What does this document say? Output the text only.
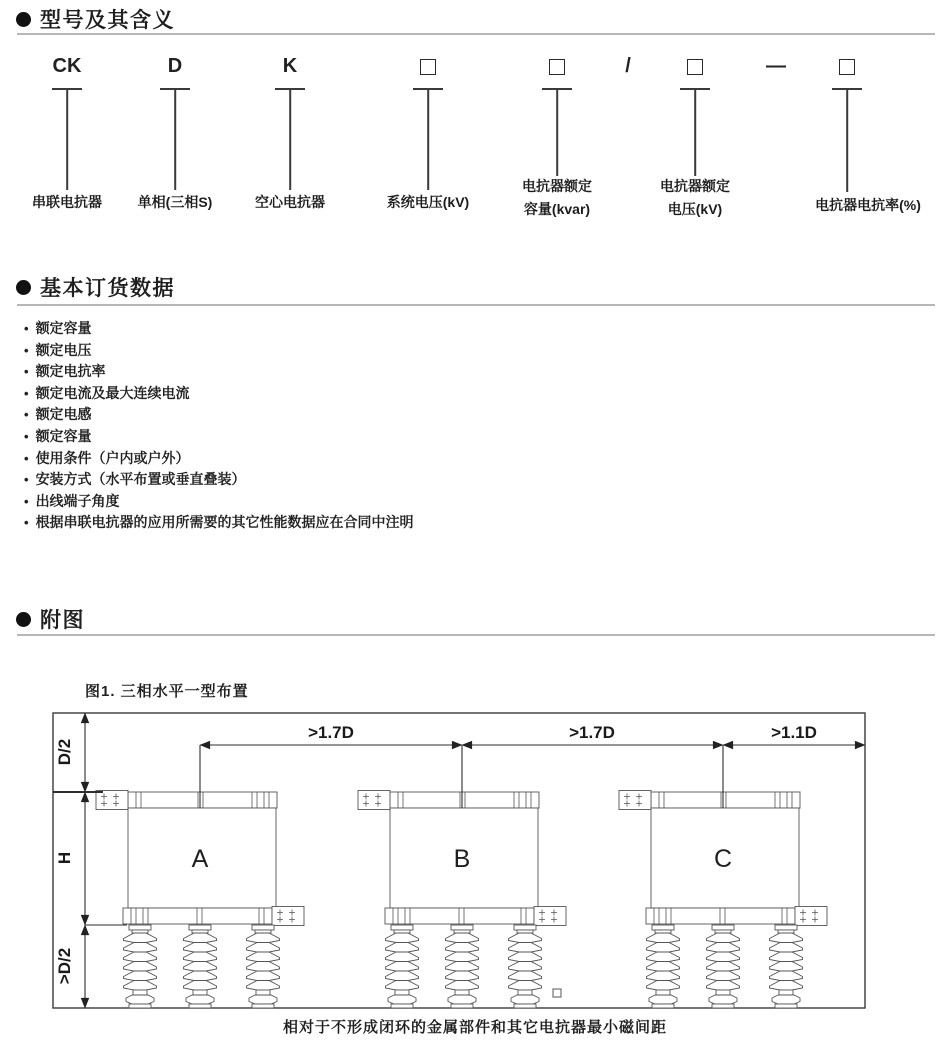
型号及其含义
CK
串联电抗器
D
单相(三相S)
K
空心电抗器	系统电压(kV)
电抗器额定
容量(kvar)
/
电抗器额定
电压(kV)
—
电抗器电抗率(%)
基本订货数据
• 额定容量
• 额定电压
• 额定电抗率
• 额定电流及最大连续电流
• 额定电感
• 额定容量
• 使用条件（户内或户外）
• 安装方式（水平布置或垂直叠装）
• 出线端子角度
• 根据串联电抗器的应用所需要的其它性能数据应在合同中注明
附图
图1. 三相水平一型布置
A	B	C
>1.7D	>1.7D	>1.1D
D/2
H
>D/2
相对于不形成闭环的金属部件和其它电抗器最小磁间距
